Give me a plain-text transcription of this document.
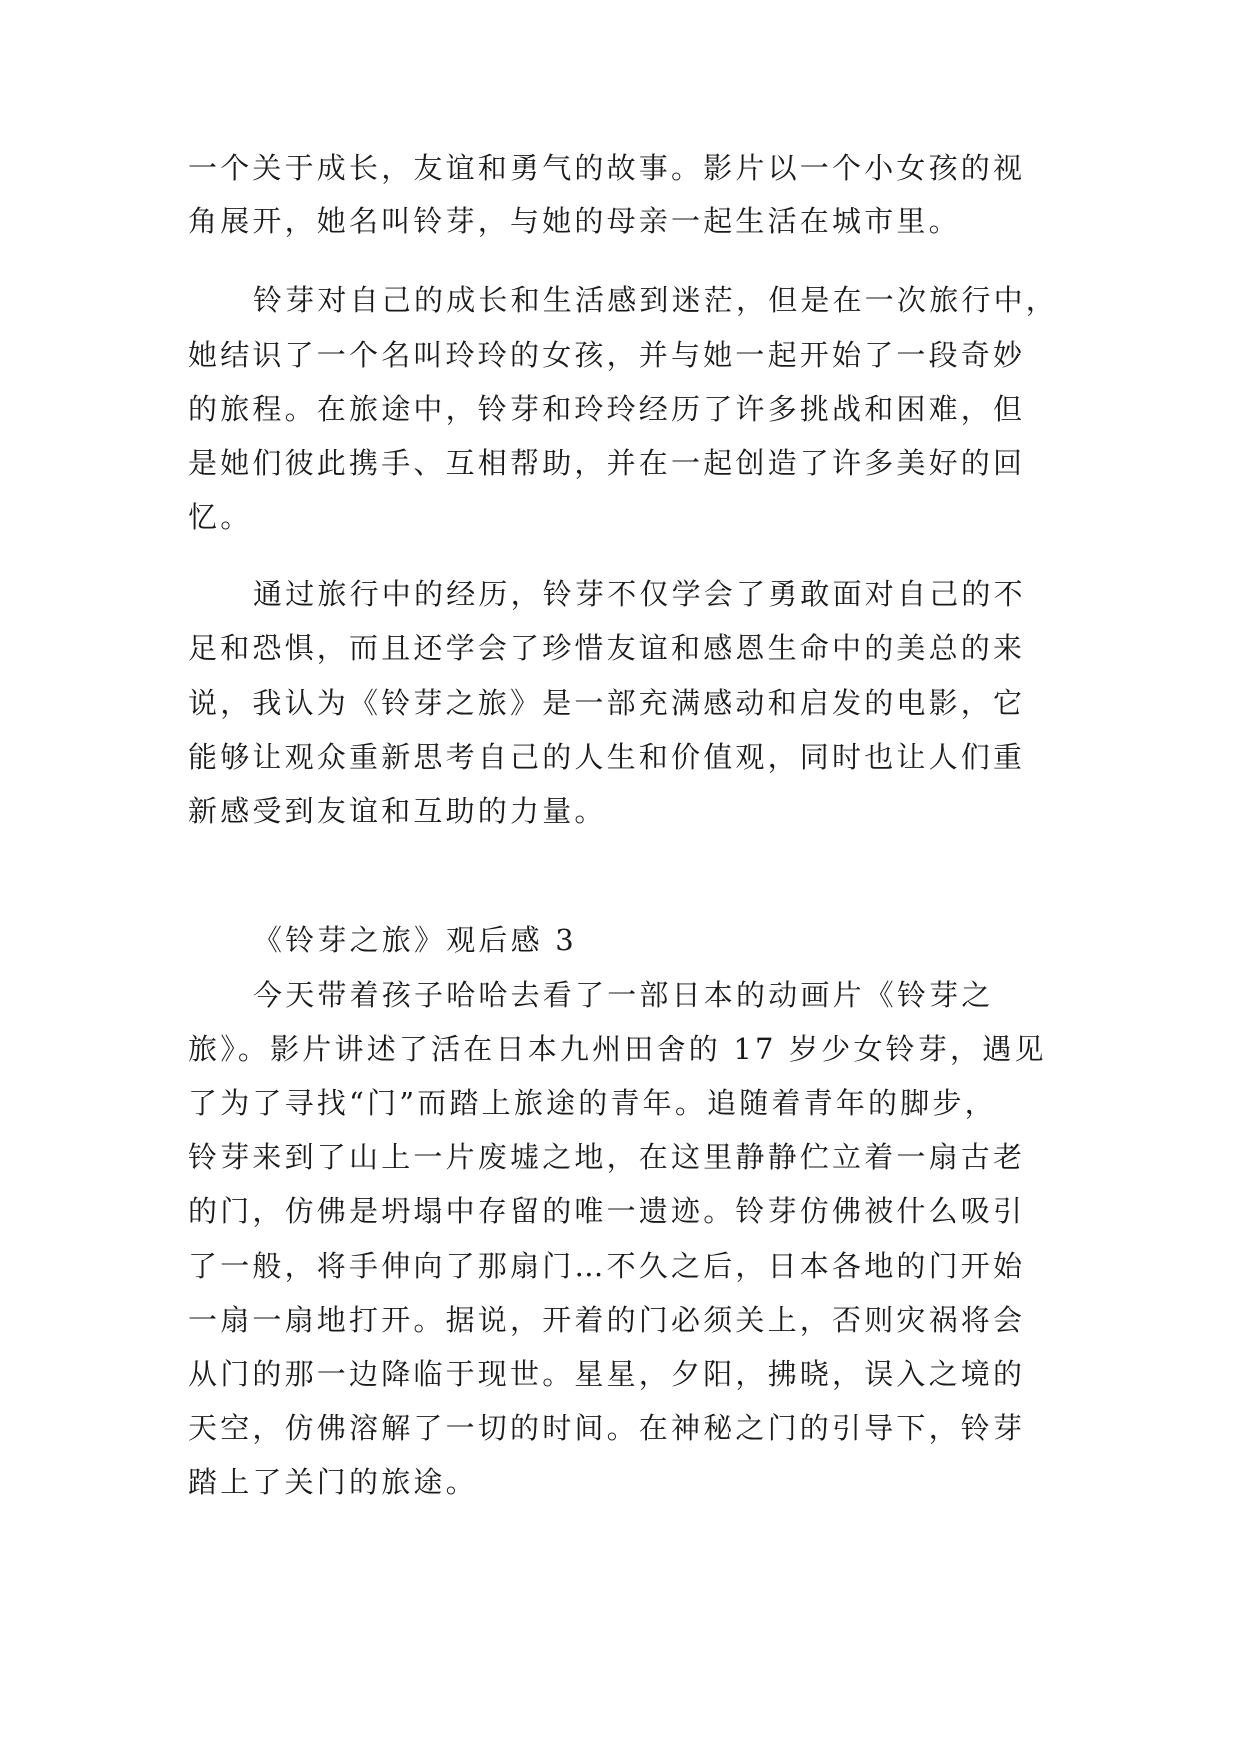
一个关于成长，友谊和勇气的故事。影片以一个小女孩的视
角展开，她名叫铃芽，与她的母亲一起生活在城市里。
铃芽对自己的成长和生活感到迷茫，但是在一次旅行中，
她结识了一个名叫玲玲的女孩，并与她一起开始了一段奇妙
的旅程。在旅途中，铃芽和玲玲经历了许多挑战和困难，但
是她们彼此携手、互相帮助，并在一起创造了许多美好的回
忆。
通过旅行中的经历，铃芽不仅学会了勇敢面对自己的不
足和恐惧，而且还学会了珍惜友谊和感恩生命中的美总的来
说，我认为《铃芽之旅》是一部充满感动和启发的电影，它
能够让观众重新思考自己的人生和价值观，同时也让人们重
新感受到友谊和互助的力量。
《铃芽之旅》观后感 3
今天带着孩子哈哈去看了一部日本的动画片《铃芽之
旅》。影片讲述了活在日本九州田舍的 17 岁少女铃芽，遇见
了为了寻找“门”而踏上旅途的青年。追随着青年的脚步，
铃芽来到了山上一片废墟之地，在这里静静伫立着一扇古老
的门，仿佛是坍塌中存留的唯一遗迹。铃芽仿佛被什么吸引
了一般，将手伸向了那扇门…不久之后，日本各地的门开始
一扇一扇地打开。据说，开着的门必须关上，否则灾祸将会
从门的那一边降临于现世。星星，夕阳，拂晓，误入之境的
天空，仿佛溶解了一切的时间。在神秘之门的引导下，铃芽
踏上了关门的旅途。
